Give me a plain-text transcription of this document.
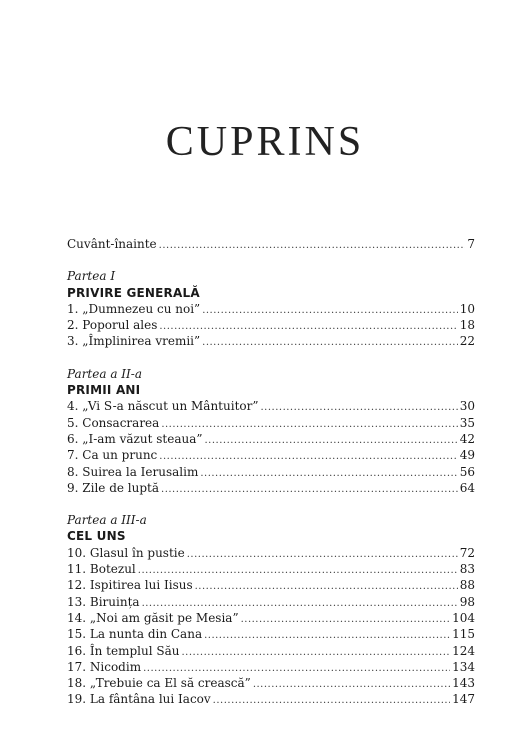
CUPRINS
Cuvânt-înainte .....	7
Partea I
PRIVIRE GENERALĂ
1. „Dumnezeu cu noi” .....	10
2. Poporul ales .....	18
3. „Împlinirea vremii” .....	22
Partea a II-a
PRIMII ANI
4. „Vi S-a născut un Mântuitor” .....	30
5. Consacrarea .....	35
6. „I-am văzut steaua” .....	42
7. Ca un prunc .....	49
8. Suirea la Ierusalim .....	56
9. Zile de luptă .....	64
Partea a III-a
CEL UNS
10. Glasul în pustie .....	72
11. Botezul .....	83
12. Ispitirea lui Iisus .....	88
13. Biruința .....	98
14. „Noi am găsit pe Mesia” .....	104
15. La nunta din Cana .....	115
16. În templul Său .....	124
17. Nicodim .....	134
18. „Trebuie ca El să crească” .....	143
19. La fântâna lui Iacov .....	147
